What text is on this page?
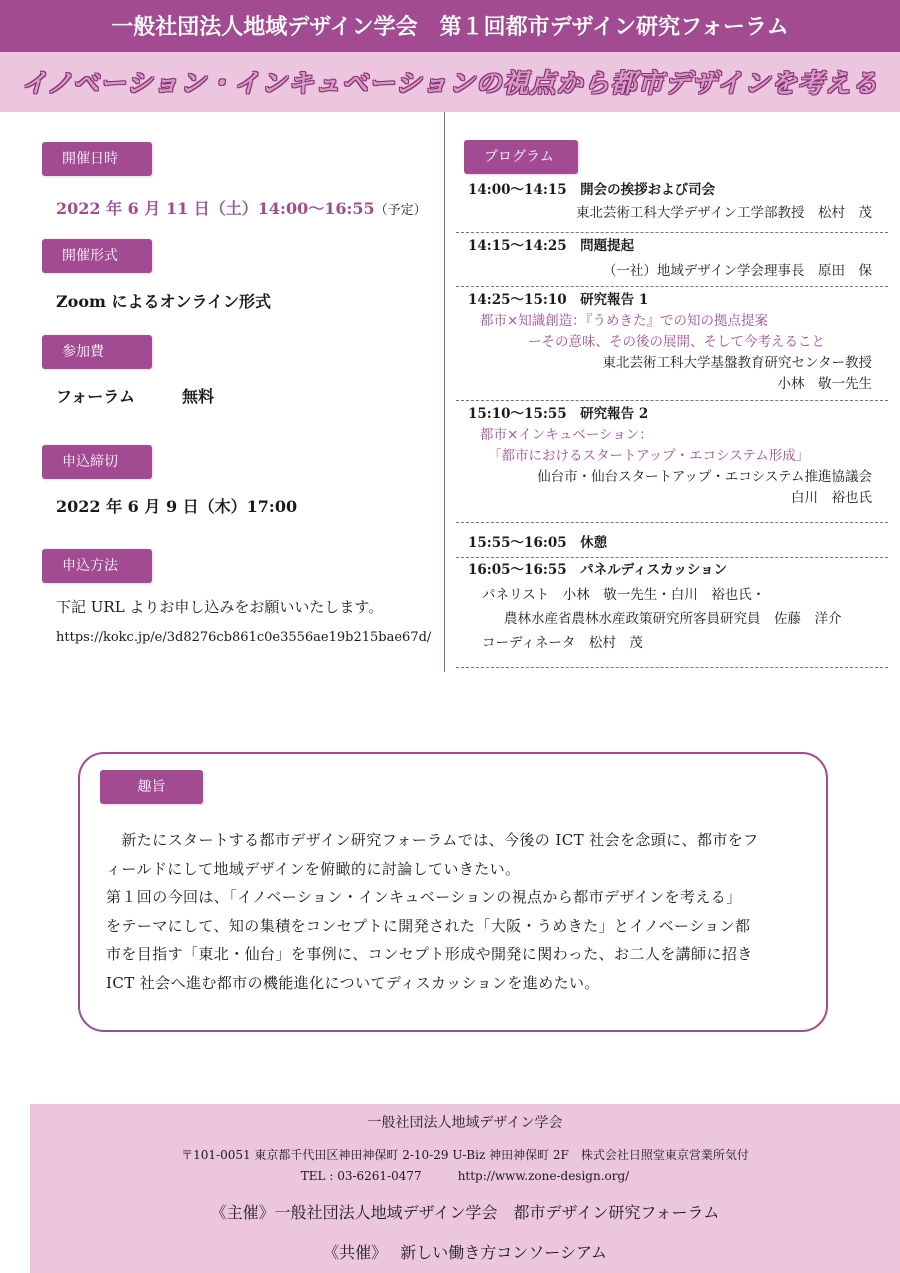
一般社団法人地域デザイン学会　第１回都市デザイン研究フォーラム
イノベーション・インキュベーションの視点から都市デザインを考える
開催日時
2022 年 6 月 11 日（土）14:00〜16:55（予定）
開催形式
Zoom によるオンライン形式
参加費
フォーラム	無料
申込締切
2022 年 6 月 9 日（木）17:00
申込方法
下記 URL よりお申し込みをお願いいたします。
https://kokc.jp/e/3d8276cb861c0e3556ae19b215bae67d/
プログラム
14:00〜14:15　 開会の挨拶および司会
東北芸術工科大学デザイン工学部教授　松村　茂
14:15〜14:25　 問題提起
（一社）地域デザイン学会理事長　原田　保
14:25〜15:10　 研究報告 1
都市×知識創造：『うめきた』での知の拠点提案
ーその意味、その後の展開、そして今考えること
東北芸術工科大学基盤教育研究センター教授
小林　敬一先生
15:10〜15:55　 研究報告 2
都市×インキュベーション：
「都市におけるスタートアップ・エコシステム形成」
仙台市・仙台スタートアップ・エコシステム推進協議会
白川　裕也氏
15:55〜16:05　 休憩
16:05〜16:55　 パネルディスカッション
パネリスト　小林　敬一先生・白川　裕也氏・
農林水産省農林水産政策研究所客員研究員　佐藤　洋介
コーディネータ　松村　茂
趣旨
　新たにスタートする都市デザイン研究フォーラムでは、今後の ICT 社会を念頭に、都市をフ
ィールドにして地域デザインを俯瞰的に討論していきたい。
第１回の今回は、「イノベーション・インキュベーションの視点から都市デザインを考える」
をテーマにして、知の集積をコンセプトに開発された「大阪・うめきた」とイノベーション都
市を目指す「東北・仙台」を事例に、コンセプト形成や開発に関わった、お二人を講師に招き
ICT 社会へ進む都市の機能進化についてディスカッションを進めたい。
一般社団法人地域デザイン学会
〒101-0051 東京都千代田区神田神保町 2-10-29 U-Biz 神田神保町 2F　株式会社日照堂東京営業所気付
TEL : 03-6261-0477　　　	http://www.zone-design.org/
《主催》一般社団法人地域デザイン学会　都市デザイン研究フォーラム
《共催》　 新しい働き方コンソーシアム
